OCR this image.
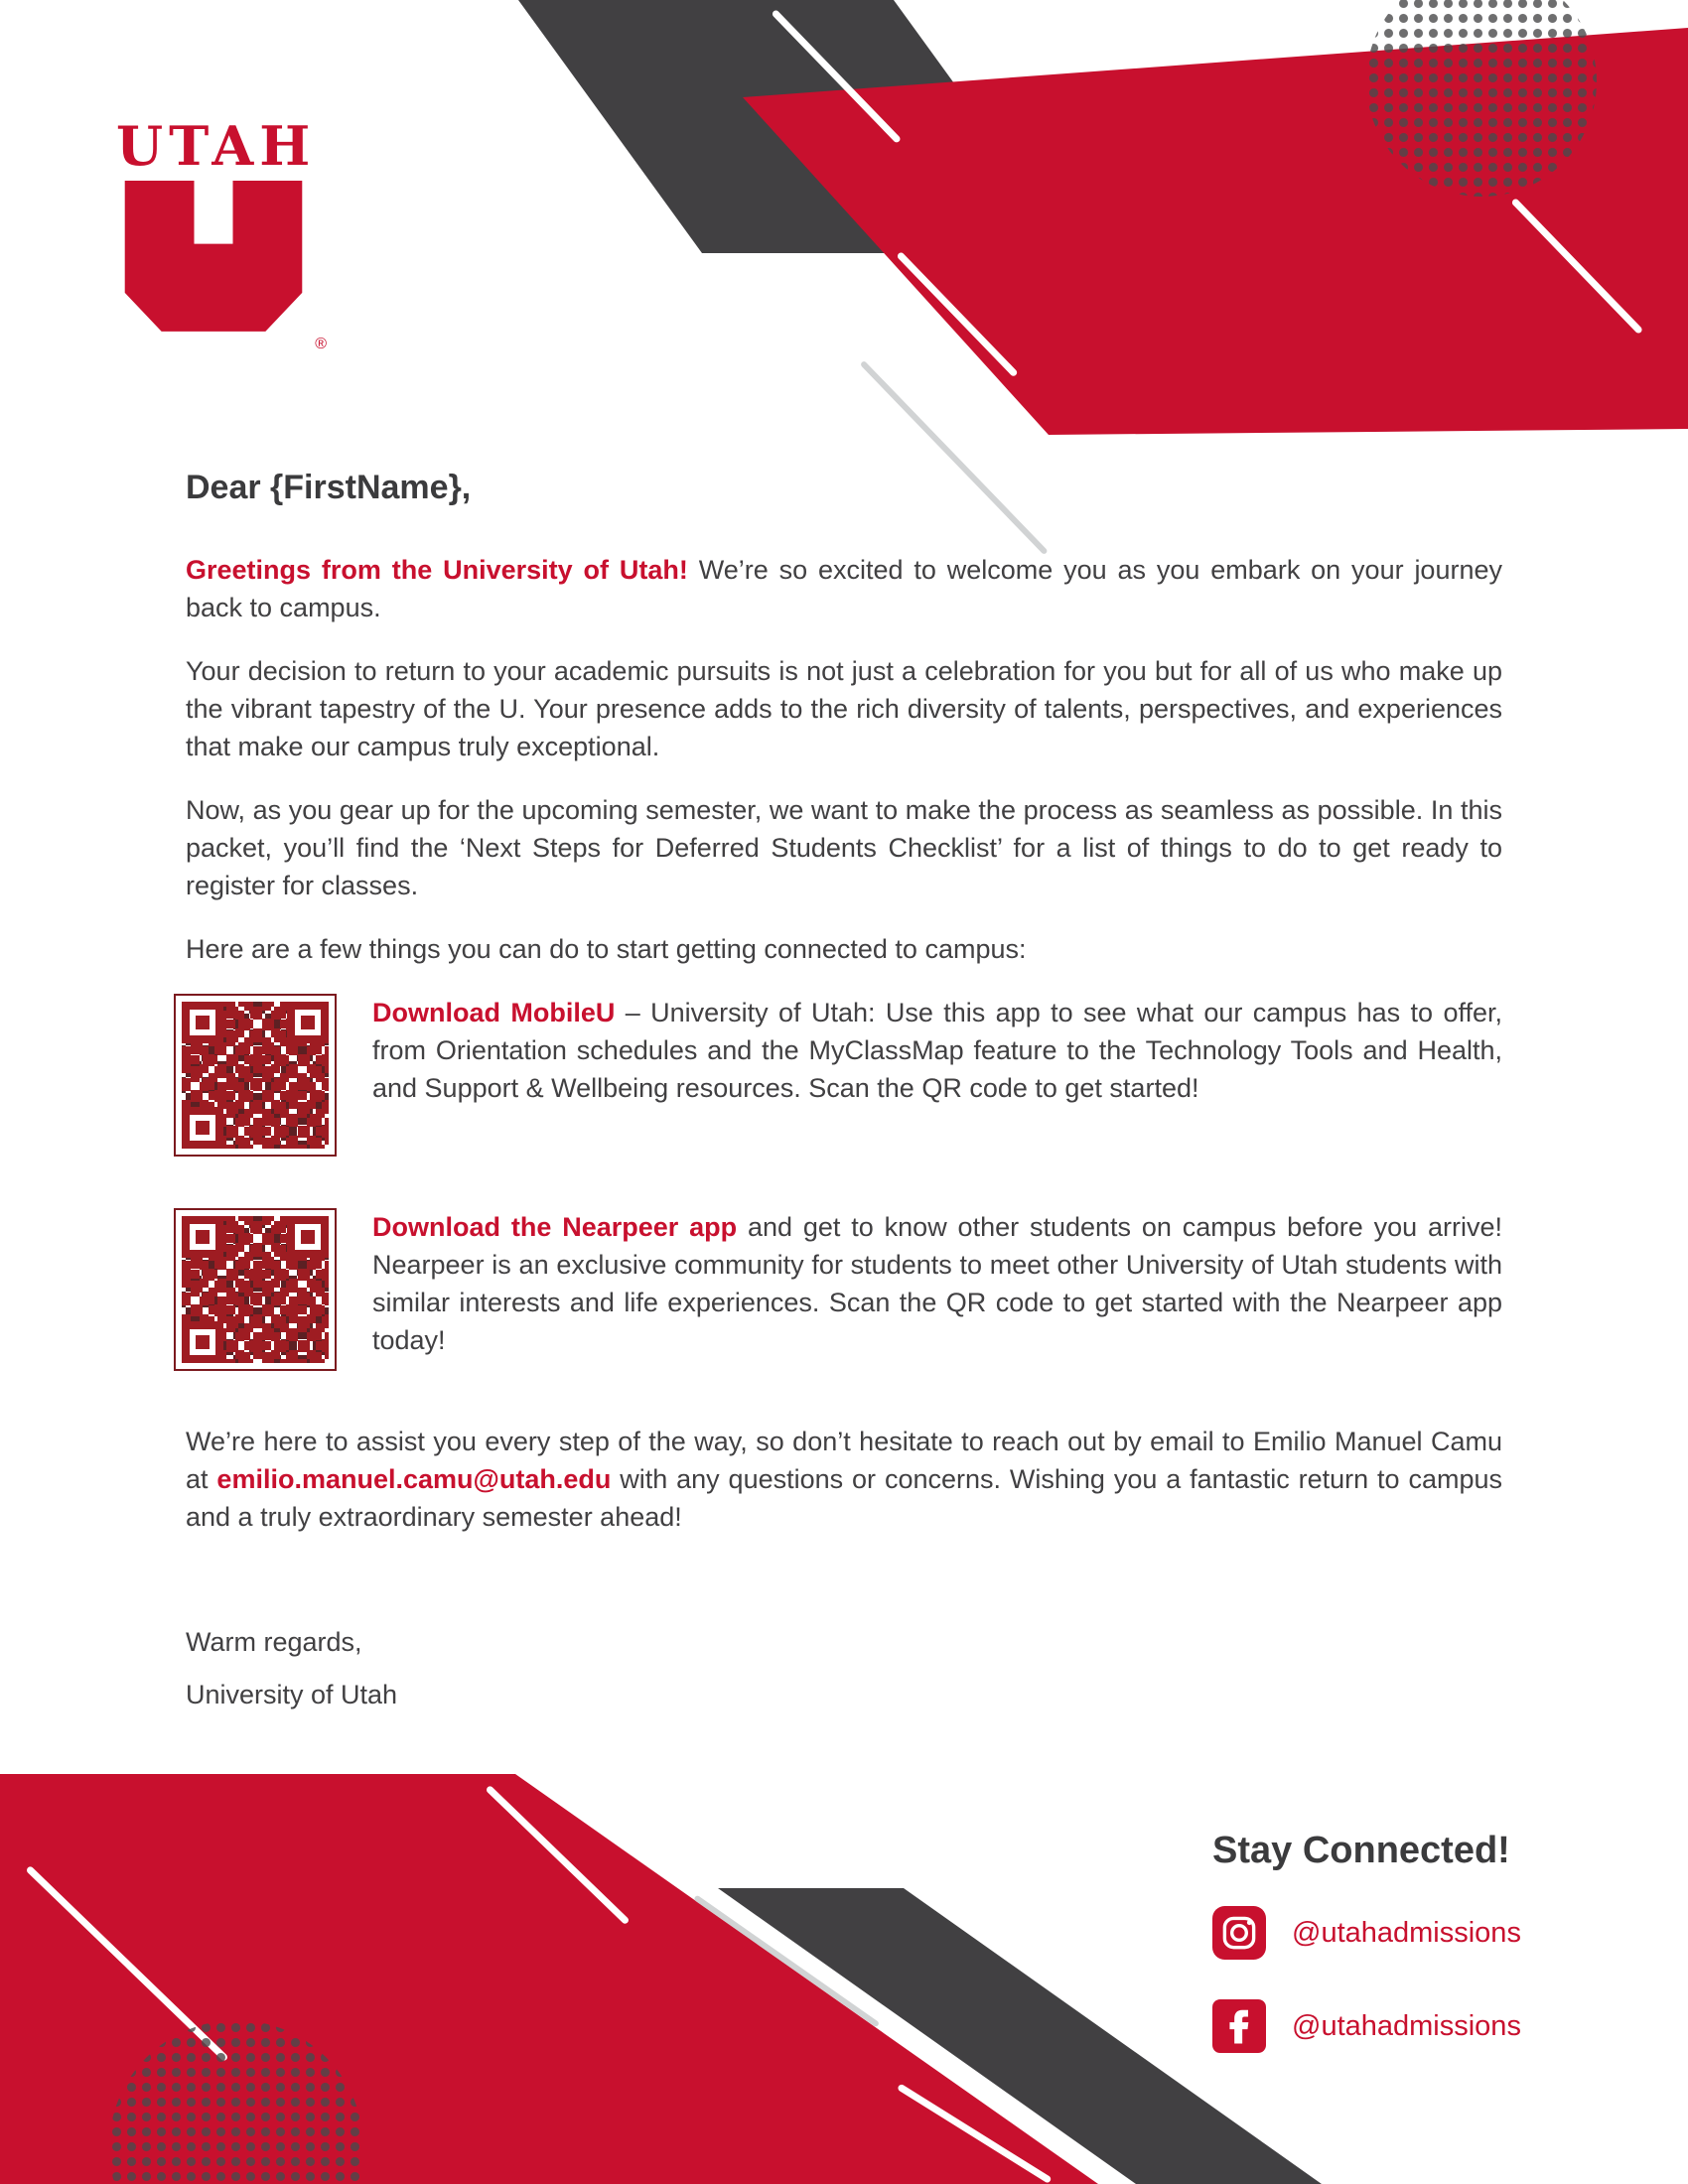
UTAH
®
Dear {FirstName},

Greetings from the University of Utah! We’re so excited to welcome you as you embark on your journey back to campus.

Your decision to return to your academic pursuits is not just a celebration for you but for all of us who make up the vibrant tapestry of the U. Your presence adds to the rich diversity of talents, perspectives, and experiences that make our campus truly exceptional.

Now, as you gear up for the upcoming semester, we want to make the process as seamless as possible. In this packet, you’ll find the ‘Next Steps for Deferred Students Checklist’ for a list of things to do to get ready to register for classes.

Here are a few things you can do to start getting connected to campus:

Download MobileU – University of Utah: Use this app to see what our campus has to offer, from Orientation schedules and the MyClassMap feature to the Technology Tools and Health, and Support & Wellbeing resources. Scan the QR code to get started!

Download the Nearpeer app and get to know other students on campus before you arrive! Nearpeer is an exclusive community for students to meet other University of Utah students with similar interests and life experiences. Scan the QR code to get started with the Nearpeer app today!

We’re here to assist you every step of the way, so don’t hesitate to reach out by email to Emilio Manuel Camu at emilio.manuel.camu@utah.edu with any questions or concerns. Wishing you a fantastic return to campus and a truly extraordinary semester ahead!

Warm regards,

University of Utah

Stay Connected!
@utahadmissions
@utahadmissions
